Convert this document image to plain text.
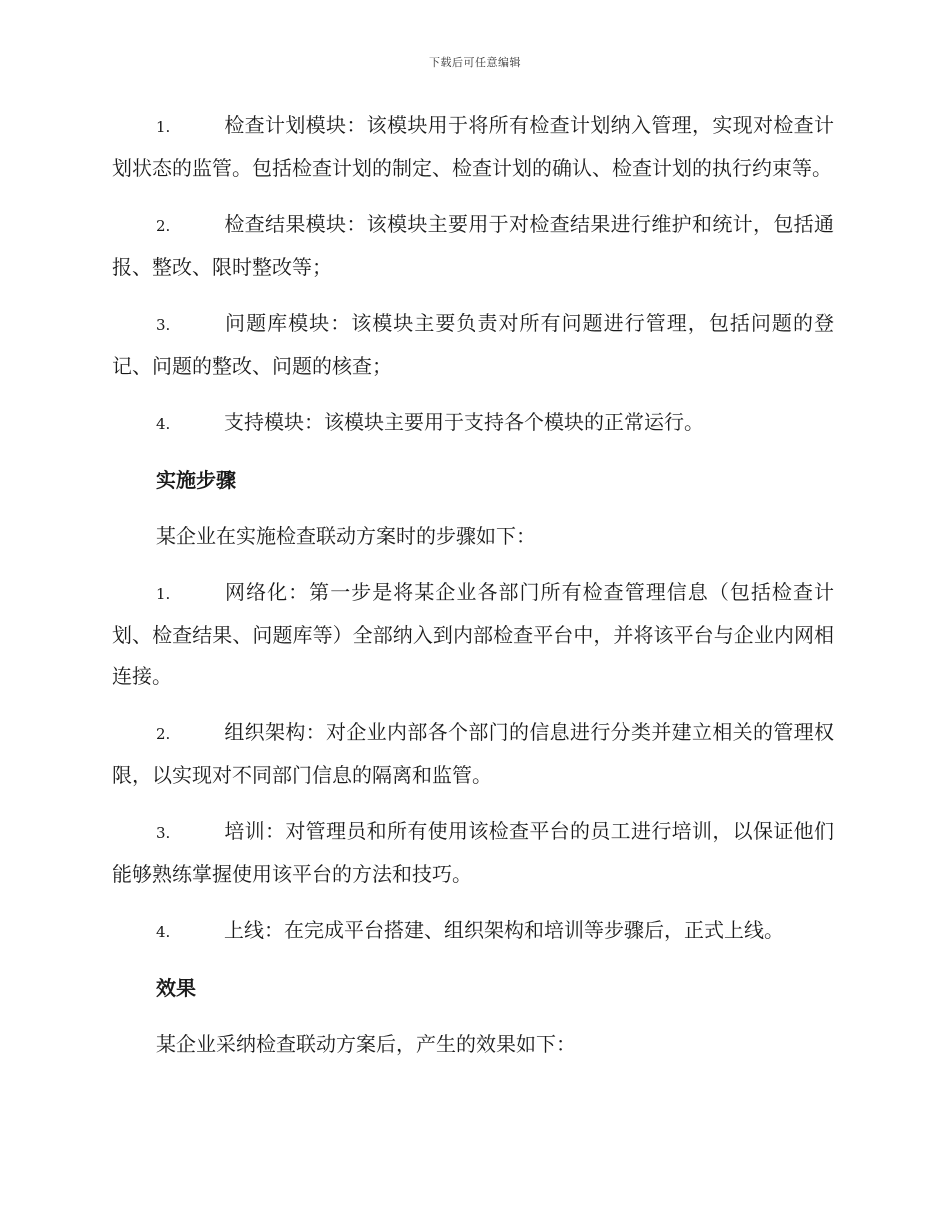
下载后可任意编辑

1.	检查计划模块：该模块用于将所有检查计划纳入管理，实现对检查计划状态的监管。包括检查计划的制定、检查计划的确认、检查计划的执行约束等。

2.	检查结果模块：该模块主要用于对检查结果进行维护和统计，包括通报、整改、限时整改等；

3.	问题库模块：该模块主要负责对所有问题进行管理，包括问题的登记、问题的整改、问题的核查；

4.	支持模块：该模块主要用于支持各个模块的正常运行。

实施步骤

某企业在实施检查联动方案时的步骤如下：

1.	网络化：第一步是将某企业各部门所有检查管理信息（包括检查计划、检查结果、问题库等）全部纳入到内部检查平台中，并将该平台与企业内网相连接。

2.	组织架构：对企业内部各个部门的信息进行分类并建立相关的管理权限，以实现对不同部门信息的隔离和监管。

3.	培训：对管理员和所有使用该检查平台的员工进行培训，以保证他们能够熟练掌握使用该平台的方法和技巧。

4.	上线：在完成平台搭建、组织架构和培训等步骤后，正式上线。

效果

某企业采纳检查联动方案后，产生的效果如下：
